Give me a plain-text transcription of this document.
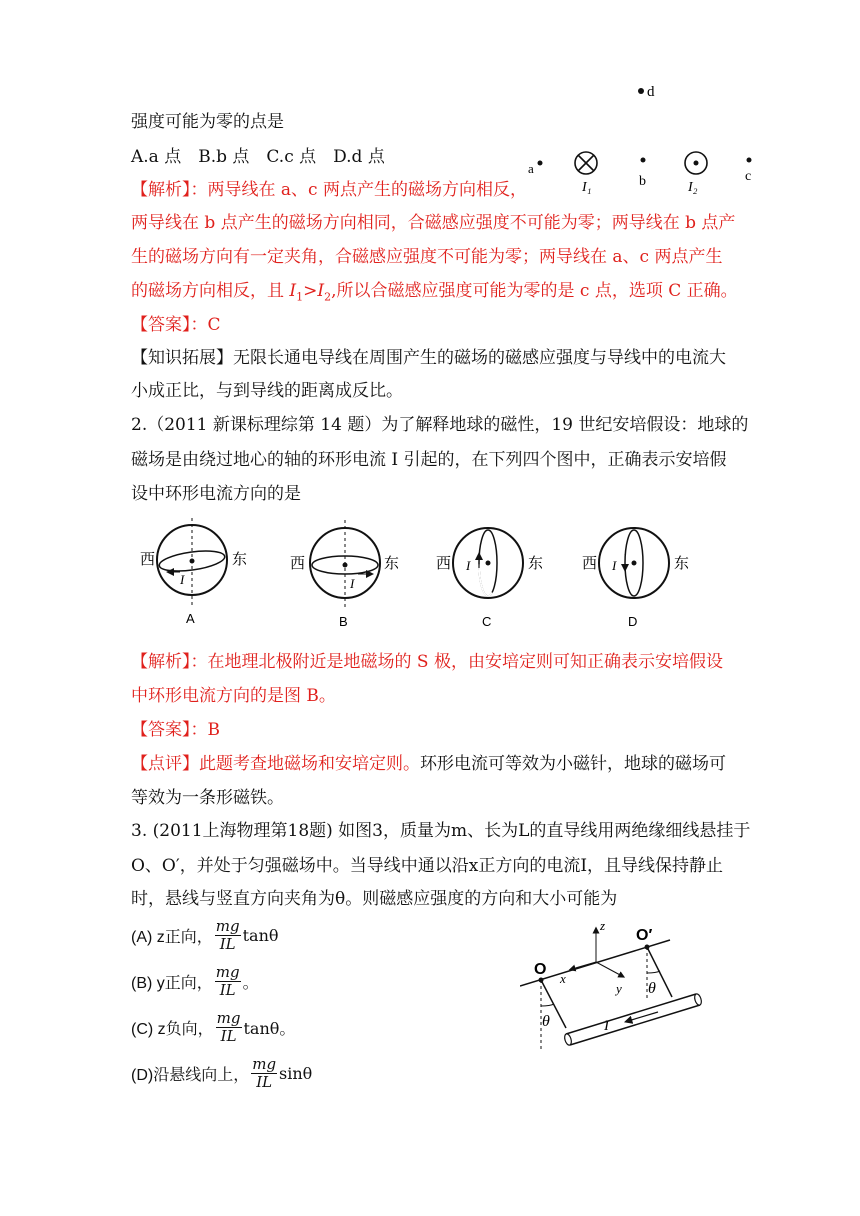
强度可能为零的点是
A.a 点　B.b 点　C.c 点　D.d 点
【解析】：两导线在 a、c 两点产生的磁场方向相反，
两导线在 b 点产生的磁场方向相同，合磁感应强度不可能为零；两导线在 b 点产
生的磁场方向有一定夹角，合磁感应强度不可能为零；两导线在 a、c 两点产生
的磁场方向相反，且 $I_1>I_2$,所以合磁感应强度可能为零的是 c 点，选项 C 正确。
【答案】：C
【知识拓展】无限长通电导线在周围产生的磁场的磁感应强度与导线中的电流大
小成正比，与到导线的距离成反比。
d
a
I₁	b	I₂
c
2.（2011 新课标理综第 14 题）为了解释地球的磁性，19 世纪安培假设：地球的
磁场是由绕过地心的轴的环形电流 I 引起的，在下列四个图中，正确表示安培假
设中环形电流方向的是
西
I
东
A
西
I
东
B
西 I	东
C
西 I	东
D
【解析】：在地理北极附近是地磁场的 S 极，由安培定则可知正确表示安培假设
中环形电流方向的是图 B。
【答案】：B
【点评】此题考查地磁场和安培定则。环形电流可等效为小磁针，地球的磁场可
等效为一条形磁铁。
3. (2011上海物理第18题) 如图3，质量为m、长为L的直导线用两绝缘细线悬挂于
O、O′，并处于匀强磁场中。当导线中通以沿x正方向的电流I，且导线保持静止
时，悬线与竖直方向夹角为θ。则磁感应强度的方向和大小可能为
(A) z正向， $\frac{mg}{IL}$ tanθ
(B) y正向， $\frac{mg}{IL}$ 。
(C) z负向， $\frac{mg}{IL}$ tanθ。
(D)沿悬线向上， $\frac{mg}{IL}$ sinθ
O
O′
z
x
y
θ
θ
I
